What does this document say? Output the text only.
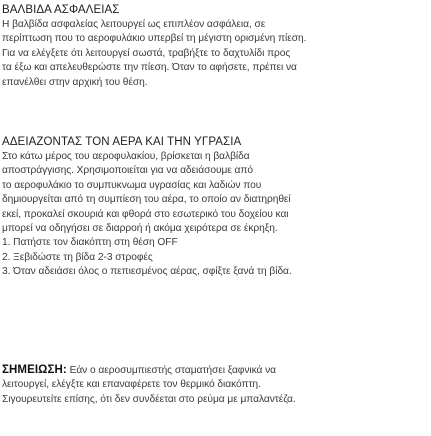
ΒΑΛΒΙΔΑ ΑΣΦΑΛΕΙΑΣ
Η βαλβίδα ασφαλείας λειτουργεί ως επιπλέον ασφάλεια, σε
περίπτωση που το αεροφυλάκιο υπερβεί τη μέγιστη ορισμένη πίεση.
Για να ελέγξετε ότι λειτουργεί σωστά, τραβήξτε το δαχτυλίδι προς
τα έξω και απελευθερώστε την πίεση. Όταν το αφήσετε, πρέπει να
επανέλθει στην αρχική του θέση.
ΑΔΕΙΑΖΟΝΤΑΣ ΤΟΝ ΑΕΡΑ ΚΑΙ ΤΗΝ ΥΓΡΑΣΙΑ
Στο κάτω μέρος του αεροφυλακίου, βρίσκεται η βαλβίδα
αποστράγγισης. Χρησιμοποιείται για να αδειάσουμε από
το αεροφυλάκιο το συμπυκνωμα υγρασίας και λαδιών που
δημιουργείται από τη συμπίεση του αέρα, το οποίο αν διατηρηθεί
εκεί, προκαλεί σκουριά και φθορά στο εσωτερικό του δοχείου και
μπορεί να οδηγήσει σε διαρροή ή ακόμα χειρότερα σε έκρηξη.
1. Πατήστε τον διακόπτη στη θέση OFF
2. Ξεβιδώστε τη βίδα 2-3 στροφές
3. Όταν αδειάσει όλος ο πεπιεσμένος αέρας, σφίξτε ξανά τη βίδα.
ΣΗΜΕΙΩΣΗ: Εάν ο αεροσυμπιεστής σταματήσει ξαφνικά να
λειτουργεί, ελέγξτε και επαναφέρετε τον θερμικό διακόπτη.
Σιγουρευτείτε επίσης, ότι δεν συνδέεται στο ρεύμα με μπαλαντέζα.
